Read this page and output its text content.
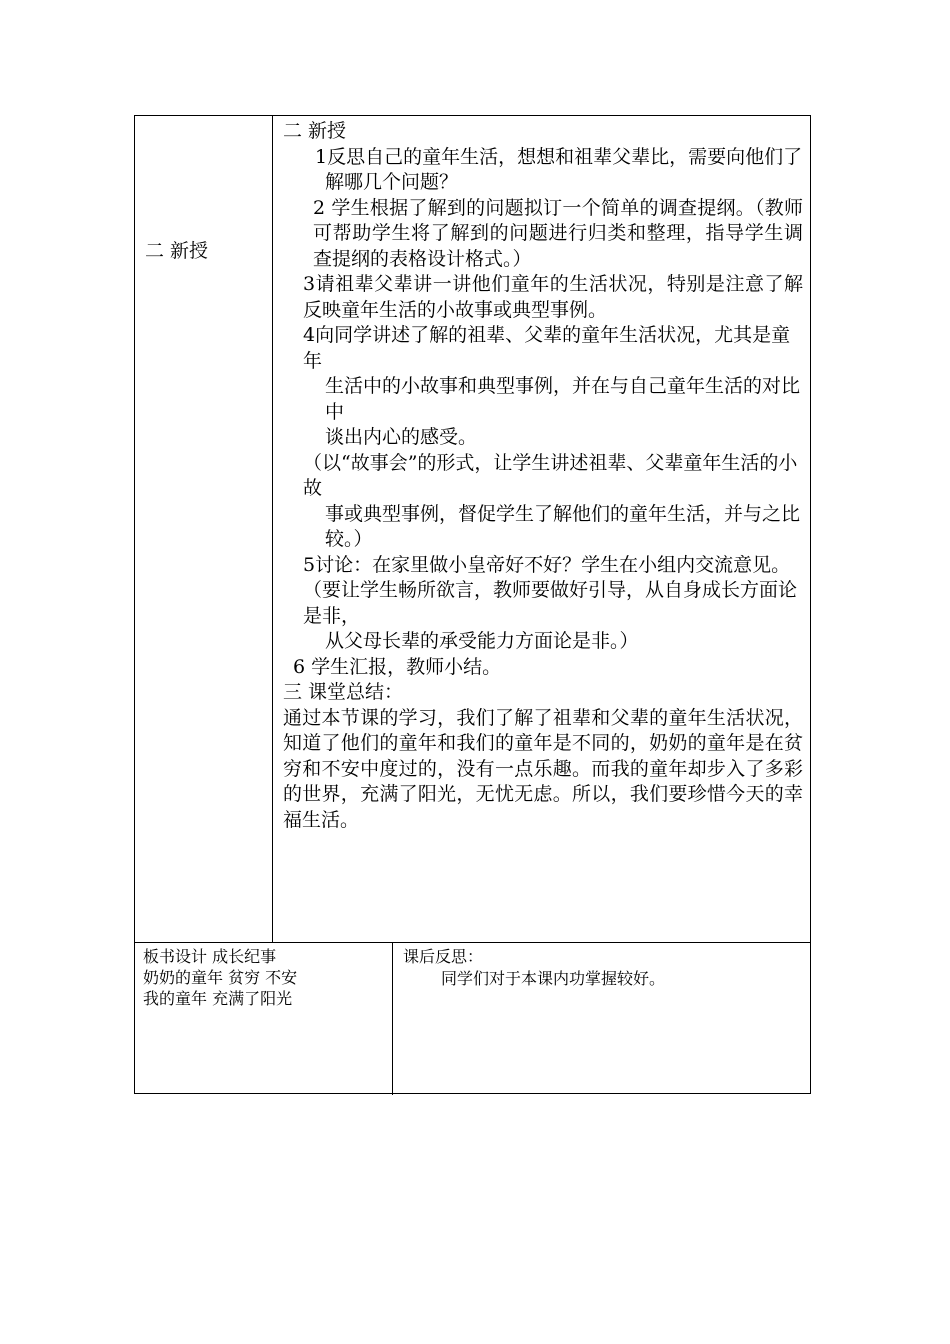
二 新授

二 新授

1反思自己的童年生活，想想和祖辈父辈比，需要向他们了

解哪几个问题？

2 学生根据了解到的问题拟订一个简单的调查提纲。（教师可帮助学生将了解到的问题进行归类和整理，指导学生调查提纲的表格设计格式。）

3请祖辈父辈讲一讲他们童年的生活状况，特别是注意了解反映童年生活的小故事或典型事例。

4向同学讲述了解的祖辈、父辈的童年生活状况，尤其是童年

生活中的小故事和典型事例，并在与自己童年生活的对比中

谈出内心的感受。

（以“故事会”的形式，让学生讲述祖辈、父辈童年生活的小故

事或典型事例，督促学生了解他们的童年生活，并与之比较。）

5讨论：在家里做小皇帝好不好？学生在小组内交流意见。

（要让学生畅所欲言，教师要做好引导，从自身成长方面论是非，

从父母长辈的承受能力方面论是非。）

6 学生汇报，教师小结。

三 课堂总结：

通过本节课的学习，我们了解了祖辈和父辈的童年生活状况，知道了他们的童年和我们的童年是不同的，奶奶的童年是在贫穷和不安中度过的，没有一点乐趣。而我的童年却步入了多彩的世界，充满了阳光，无忧无虑。所以，我们要珍惜今天的幸福生活。

板书设计 成长纪事

奶奶的童年 贫穷 不安

我的童年 充满了阳光

课后反思：

同学们对于本课内功掌握较好。
